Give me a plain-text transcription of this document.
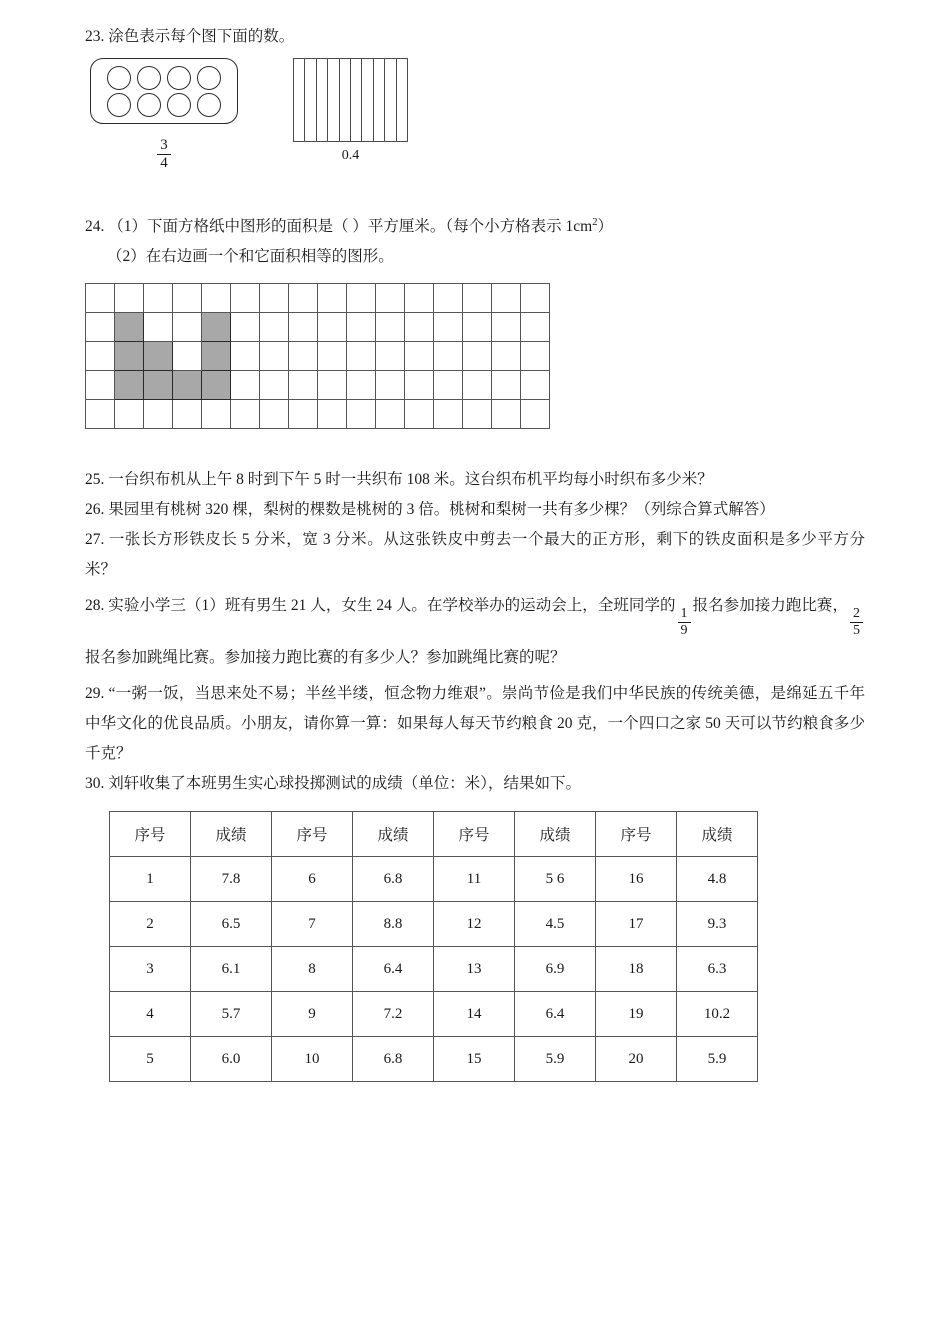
23. 涂色表示每个图下面的数。

$\frac{3}{4}$	0.4

24. （1）下面方格纸中图形的面积是（ ）平方厘米。（每个小方格表示 $1cm^2$）

（2）在右边画一个和它面积相等的图形。

25. 一台织布机从上午 8 时到下午 5 时一共织布 108 米。这台织布机平均每小时织布多少米？

26. 果园里有桃树 320 棵，梨树的棵数是桃树的 3 倍。桃树和梨树一共有多少棵？（列综合算式解答）

27. 一张长方形铁皮长 5 分米，宽 3 分米。从这张铁皮中剪去一个最大的正方形，剩下的铁皮面积是多少平方分米？

28. 实验小学三（1）班有男生 21 人，女生 24 人。在学校举办的运动会上，全班同学的
$\frac{1}{9}$
报名参加接力跑比赛，
$\frac{2}{5}$
报名参加跳绳比赛。参加接力跑比赛的有多少人？参加跳绳比赛的呢？

29. “一粥一饭，当思来处不易；半丝半缕，恒念物力维艰”。崇尚节俭是我们中华民族的传统美德，是绵延五千年中华文化的优良品质。小朋友，请你算一算：如果每人每天节约粮食 20 克，一个四口之家 50 天可以节约粮食多少千克？

30. 刘轩收集了本班男生实心球投掷测试的成绩（单位：米），结果如下。

序号	成绩	序号	成绩	序号	成绩	序号	成绩
1	7.8	6	6.8	11	5 6	16	4.8
2	6.5	7	8.8	12	4.5	17	9.3
3	6.1	8	6.4	13	6.9	18	6.3
4	5.7	9	7.2	14	6.4	19	10.2
5	6.0	10	6.8	15	5.9	20	5.9
